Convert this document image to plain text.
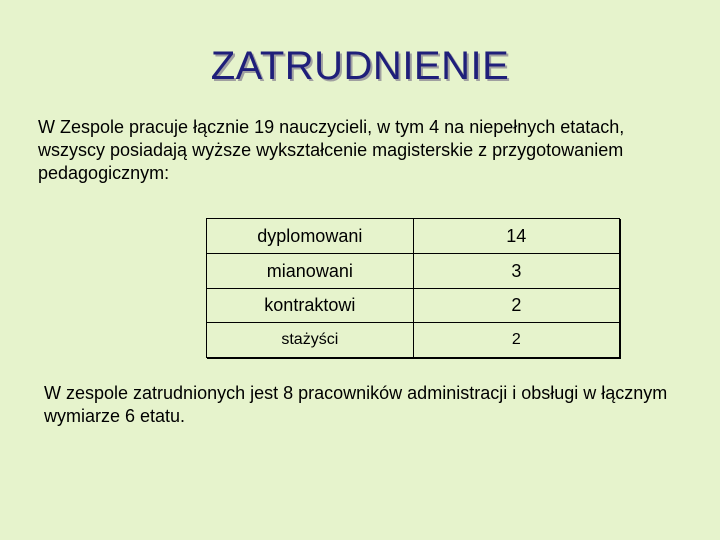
ZATRUDNIENIE

W Zespole pracuje łącznie 19 nauczycieli, w tym 4 na niepełnych etatach, wszyscy posiadają wyższe wykształcenie magisterskie z przygotowaniem pedagogicznym:

dyplomowani	14
mianowani	3
kontraktowi	2
stażyści	2

W zespole zatrudnionych jest 8 pracowników administracji i obsługi w łącznym wymiarze 6 etatu.
